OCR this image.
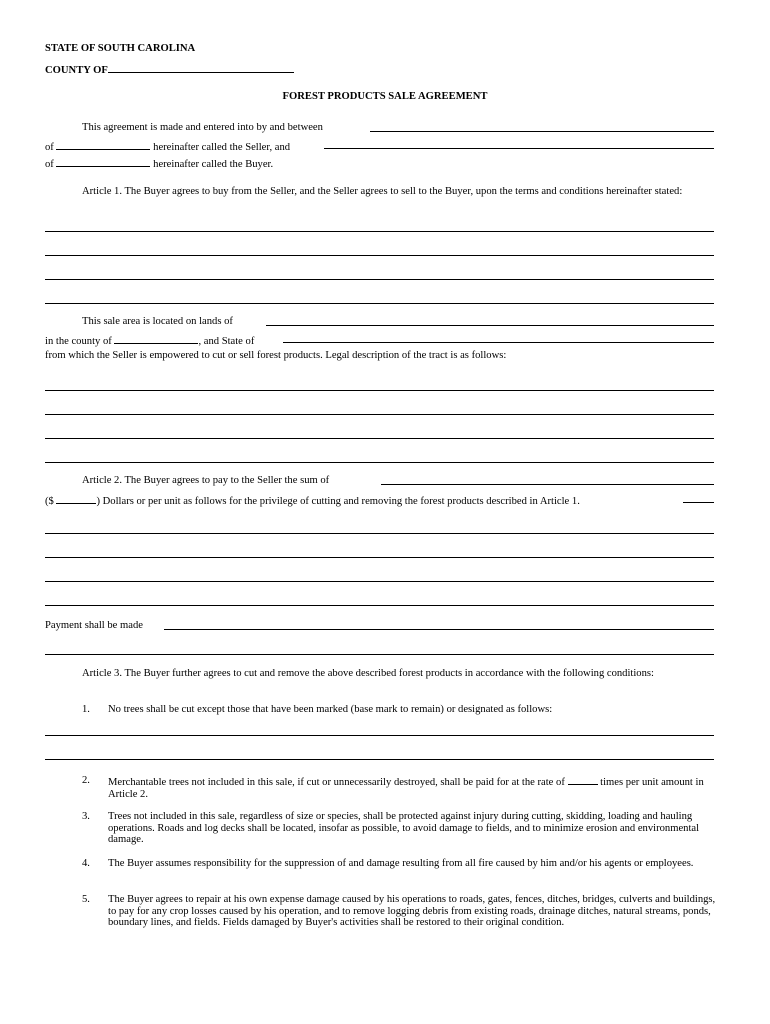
STATE OF SOUTH CAROLINA
COUNTY OF
FOREST PRODUCTS SALE AGREEMENT
This agreement is made and entered into by and between
of	hereinafter called the Seller, and
of	hereinafter called the Buyer.
Article 1. The Buyer agrees to buy from the Seller, and the Seller agrees to sell to the Buyer, upon the terms and conditions hereinafter stated:
This sale area is located on lands of
in the county of	, and State of
from which the Seller is empowered to cut or sell forest products. Legal description of the tract is as follows:
Article 2. The Buyer agrees to pay to the Seller the sum of
($	) Dollars or per unit as follows for the privilege of cutting and removing the forest products described in Article 1.
Payment shall be made
Article 3. The Buyer further agrees to cut and remove the above described forest products in accordance with the following conditions:
1. No trees shall be cut except those that have been marked (base mark to remain) or designated as follows:
2. Merchantable trees not included in this sale, if cut or unnecessarily destroyed, shall be paid for at the rate of	times per unit amount in Article 2.
3. Trees not included in this sale, regardless of size or species, shall be protected against injury during cutting, skidding, loading and hauling operations. Roads and log decks shall be located, insofar as possible, to avoid damage to fields, and to minimize erosion and environmental damage.
4. The Buyer assumes responsibility for the suppression of and damage resulting from all fire caused by him and/or his agents or employees.
5. The Buyer agrees to repair at his own expense damage caused by his operations to roads, gates, fences, ditches, bridges, culverts and buildings, to pay for any crop losses caused by his operation, and to remove logging debris from existing roads, drainage ditches, natural streams, ponds, boundary lines, and fields. Fields damaged by Buyer's activities shall be restored to their original condition.
